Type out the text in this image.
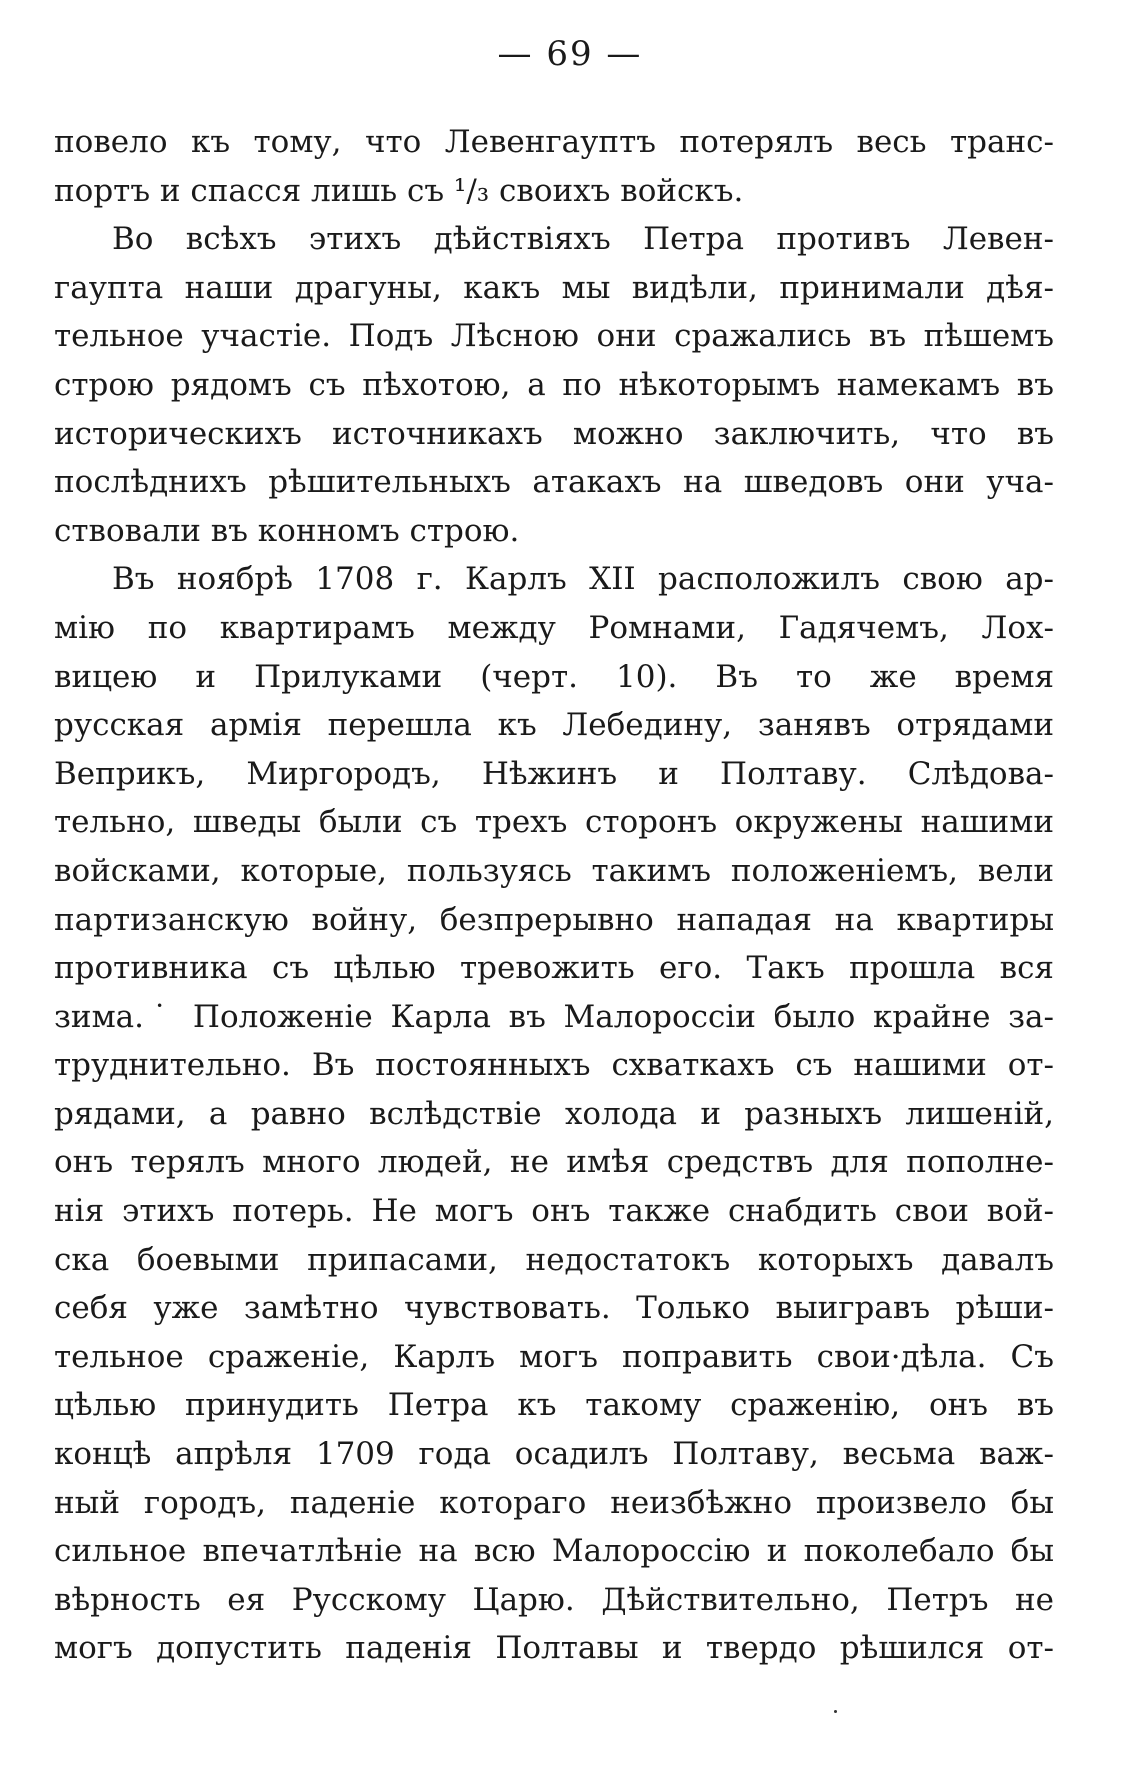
— 69 —
повело къ тому, что Левенгауптъ потерялъ весь транс-
портъ и спасся лишь съ ¹/₃ своихъ войскъ.
Во всѣхъ этихъ дѣйствіяхъ Петра противъ Левен-
гаупта наши драгуны, какъ мы видѣли, принимали дѣя-
тельное участіе. Подъ Лѣсною они сражались въ пѣшемъ
строю рядомъ съ пѣхотою, а по нѣкоторымъ намекамъ въ
историческихъ источникахъ можно заключить, что въ
послѣднихъ рѣшительныхъ атакахъ на шведовъ они уча-
ствовали въ конномъ строю.
Въ ноябрѣ 1708 г. Карлъ XII расположилъ свою ар-
мію по квартирамъ между Ромнами, Гадячемъ, Лох-
вицею и Прилуками (черт. 10). Въ то же время
русская армія перешла къ Лебедину, занявъ отрядами
Веприкъ, Миргородъ, Нѣжинъ и Полтаву. Слѣдова-
тельно, шведы были съ трехъ сторонъ окружены нашими
войсками, которые, пользуясь такимъ положеніемъ, вели
партизанскую войну, безпрерывно нападая на квартиры
противника съ цѣлью тревожить его. Такъ прошла вся
зима.˙ Положеніе Карла въ Малороссіи было крайне за-
труднительно. Въ постоянныхъ схваткахъ съ нашими от-
рядами, а равно вслѣдствіе холода и разныхъ лишеній,
онъ терялъ много людей, не имѣя средствъ для пополне-
нія этихъ потерь. Не могъ онъ также снабдить свои вой-
ска боевыми припасами, недостатокъ которыхъ давалъ
себя уже замѣтно чувствовать. Только выигравъ рѣши-
тельное сраженіе, Карлъ могъ поправить свои·дѣла. Съ
цѣлью принудить Петра къ такому сраженію, онъ въ
концѣ апрѣля 1709 года осадилъ Полтаву, весьма важ-
ный городъ, паденіе котораго неизбѣжно произвело бы
сильное впечатлѣніе на всю Малороссію и поколебало бы
вѣрность ея Русскому Царю. Дѣйствительно, Петръ не
могъ допустить паденія Полтавы и твердо рѣшился от-
